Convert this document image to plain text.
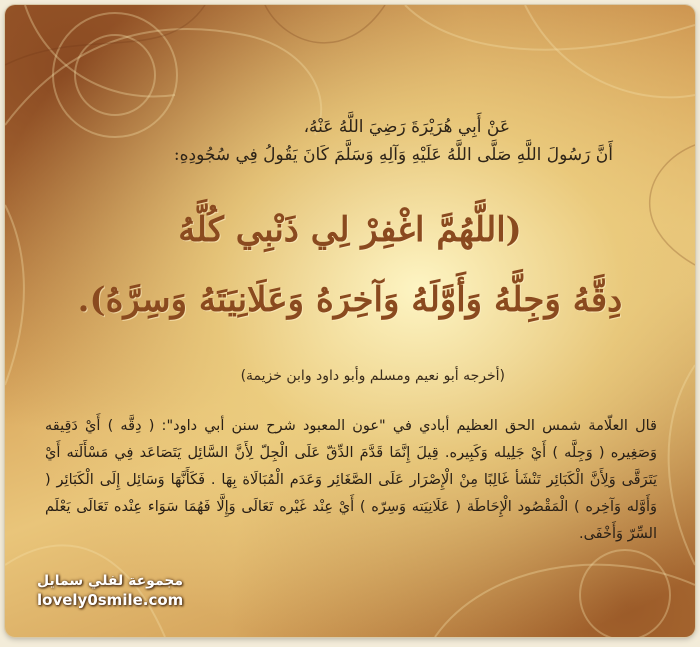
عَنْ أَبِي هُرَيْرَةَ رَضِيَ اللَّهُ عَنْهُ،
أَنَّ رَسُولَ اللَّهِ صَلَّى اللَّهُ عَلَيْهِ وَآلِهِ وَسَلَّمَ كَانَ يَقُولُ فِي سُجُودِهِ:
(اللَّهُمَّ اغْفِرْ لِي ذَنْبِي كُلَّهُ
دِقَّهُ وَجِلَّهُ وَأَوَّلَهُ وَآخِرَهُ وَعَلَانِيَتَهُ وَسِرَّهُ).
(أخرجه أبو نعيم ومسلم وأبو داود وابن خزيمة)
قال العلّامة شمس الحق العظيم أبادي في "عون المعبود شرح سنن أبي داود": ( دِقَّه ) أَيْ دَقِيقه وَصَغِيره ( وَجِلَّه ) أَيْ جَلِيله وَكَبِيره. قِيلَ إِنَّمَا قَدَّمَ الدِّقّ عَلَى الْجِلّ لِأَنَّ السَّائِل يَتَصَاعَد فِي مَسْأَلَته أَيْ يَتَرَقَّى وَلِأَنَّ الْكَبَائِر تَنْشَأ غَالِبًا مِنْ الْإِصْرَار عَلَى الصَّغَائِر وَعَدَم الْمُبَالَاة بِهَا . فَكَأَنَّهَا وَسَائِل إِلَى الْكَبَائِر ( وَأَوَّله وَآخِره ) الْمَقْصُود الْإِحَاطَة ( عَلَانِيَته وَسِرّه ) أَيْ عِنْد غَيْره تَعَالَى وَإِلَّا فَهُمَا سَوَاء عِنْده تَعَالَى يَعْلَم السِّرّ وَأَخْفَى.
مجموعة لفلي سمايل
lovely0smile.com
